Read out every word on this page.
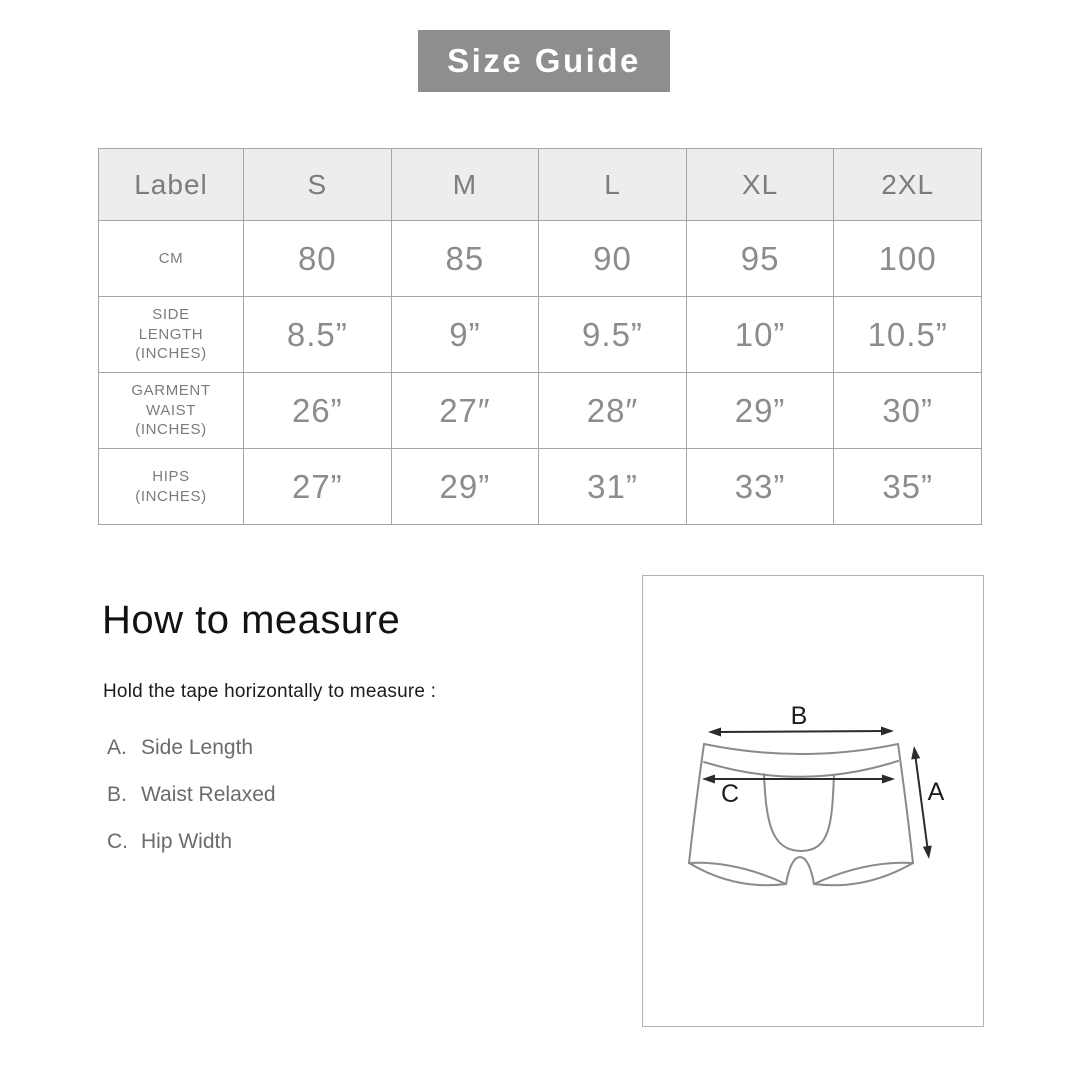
Size Guide
Label	S	M	L	XL	2XL

CM	80	85	90	95	100

SIDE
LENGTH
(INCHES)	8.5”	9”	9.5”	10”	10.5”

GARMENT
WAIST
(INCHES)	26”	27″	28″	29”	30”

HIPS
(INCHES)	27”	29”	31”	33”	35”
How to measure
Hold the tape horizontally to measure :
A. Side Length
B. Waist Relaxed
C. Hip Width
B
C	A
